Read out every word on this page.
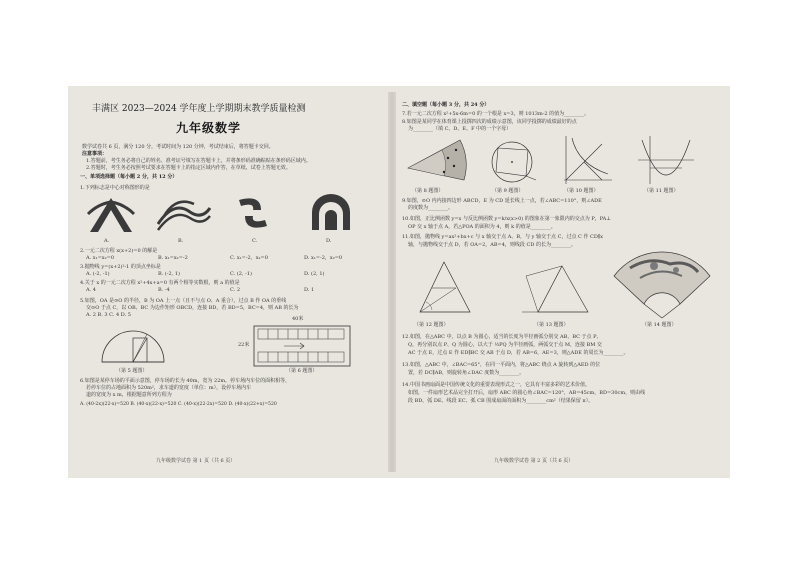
丰满区 2023—2024 学年度上学期期末教学质量检测
九年级数学
数学试卷共 6 页，满分 120 分，考试时间为 120 分钟，考试结束后，将答题卡交回。
注意事项：
1.答题前，考生务必将自己的姓名、准考证号填写在答题卡上，并将条形码准确粘贴在条形码区域内。
2.答题时，考生务必按照考试要求在答题卡上的指定区域内作答，在草纸、试卷上答题无效。
一、单项选择题（每小题 2 分，共 12 分）
1.下列标志是中心对称图形的是
A.	B.	C.	D.
2.一元二次方程 x(x+2)=0 的解是
A. x₁=x₂=0	B. x₁=x₂=-2	C. x₁=-2，x₂=0	D. x₁=-2，x₂=0
3.抛物线 y=(x+2)²-1 的顶点坐标是
A. (-2, -1)	B. (-2, 1)	C. (2, -1)	D. (2, 1)
4.关于 x 的一元二次方程 x²+4x+a=0 有两个相等实数根，则 a 的值是
A. 4	B. -4	C. 2	D. 1
5.如图，OA 是⊙O 的半径，B 为 OA 上一点（且不与点 O、A 重合），过点 B 作 OA 的垂线
交⊙O 于点 C，以 OB、BC 为边作矩形 OBCD，连接 BD，若 BD=5，BC=4，则 AB 的长为
A. 2 B. 3 C. 4 D. 5
（第 5 题图）
40米
22米
（第 6 题图）
6.如图是某停车场的平面示意图，停车场的长为 40m，宽为 22m。停车场内车位的面积相等，
若停车位的占地面积为 520m²，求车道的宽度（单位：m），设停车场内车
道的宽度为 x m，根据题意所列方程为
A. (40-2x)(22-x)=520 B. (40-x)(22-x)=520 C. (40-x)(22-2x)=520 D. (40-x)(22+x)=520
九年级数学试卷 第 1 页（共 6 页）
二、填空题（每小题 3 分，共 24 分）
7.若一元二次方程 x²+5x-6m=0 的一个根是 x=3，则 1013m-2 的值为________。
8.如图是某同学在体育课上投掷四次的成绩示意图，该同学投掷的成绩最好的点
为________（填 C、D、E、F 中的一个字母）
（第 8 题图）	（第 9 题图）	（第 10 题图）	（第 11 题图）
9.如图，⊙O 内内接四边形 ABCD，E 为 CD 延长线上一点，若∠ABC=110°，则∠ADE
的度数为________。
10.如图，正比例函数 y=x 与反比例函数 y=k/x(x>0) 的图象在第一象限内的交点为 P，PA⊥
OP 交 x 轴于点 A，若△POA 的面积为 4，则 k 的值是________。
11.如图，抛物线 y=ax²+bx+c 与 x 轴交于点 A、B，与 y 轴交于点 C，过点 C 作 CD∥x
轴，与抛物线交于点 D，若 OA=2，AB=4，则线段 CD 的长为________。
（第 12 题图）	（第 13 题图）	（第 14 题图）
12.如图，在△ABC 中，以点 B 为圆心，适当的长度为半径画弧分别交 AB、BC 于点 P、
Q，再分别以点 P、Q 为圆心，以大于 ½PQ 为半径画弧，两弧交于点 M，连接 BM 交
AC 于点 E，过点 E 作 ED∥BC 交 AB 于点 D，若 AB=6，AE=3，则△ADE 的周长为________。
13.如图，△ABC 中，∠BAC=65°，在同一平面内，将△ABC 绕点 A 旋转到△AED 的位
置，若 DC∥AB，则旋转角∠DAC 度数为________。
14.中国书画扇面是中国传统文化的重要表现形式之一，它具有丰富多彩的艺术价值。
如图，一件扇形艺术品完全打开后，扇形 ABC 的圆心角∠BAC=120°，AB=45cm，BD=30cm，则由线
段 BD、弧 DE、线段 EC、弧 CB 围成扇面的面积为________cm²（结果保留 π）。
九年级数学试卷 第 2 页（共 6 页）
